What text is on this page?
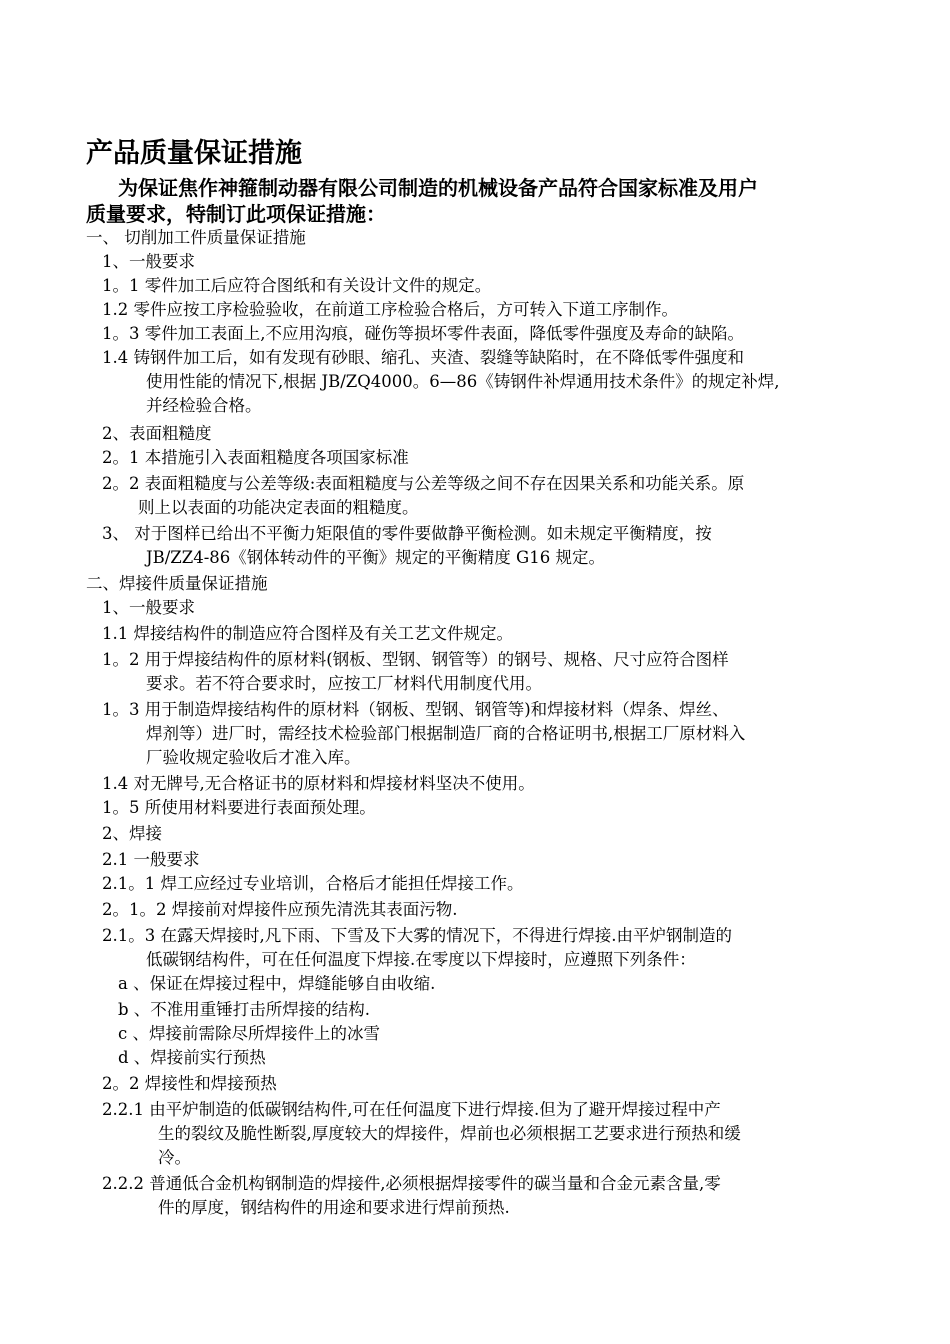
产品质量保证措施
为保证焦作神箍制动器有限公司制造的机械设备产品符合国家标准及用户
质量要求，特制订此项保证措施：
一、 切削加工件质量保证措施
1、一般要求
1。1 零件加工后应符合图纸和有关设计文件的规定。
1.2 零件应按工序检验验收，在前道工序检验合格后，方可转入下道工序制作。
1。3 零件加工表面上,不应用沟痕，碰伤等损坏零件表面，降低零件强度及寿命的缺陷。
1.4 铸钢件加工后，如有发现有砂眼、缩孔、夹渣、裂缝等缺陷时，在不降低零件强度和
使用性能的情况下,根据 JB/ZQ4000。6—86《铸钢件补焊通用技术条件》的规定补焊,
并经检验合格。
2、表面粗糙度
2。1 本措施引入表面粗糙度各项国家标准
2。2 表面粗糙度与公差等级:表面粗糙度与公差等级之间不存在因果关系和功能关系。原
则上以表面的功能决定表面的粗糙度。
3、 对于图样已给出不平衡力矩限值的零件要做静平衡检测。如未规定平衡精度，按
JB/ZZ4-86《钢体转动件的平衡》规定的平衡精度 G16 规定。
二、焊接件质量保证措施
1、一般要求
1.1 焊接结构件的制造应符合图样及有关工艺文件规定。
1。2 用于焊接结构件的原材料(钢板、型钢、钢管等）的钢号、规格、尺寸应符合图样
要求。若不符合要求时，应按工厂材料代用制度代用。
1。3 用于制造焊接结构件的原材料（钢板、型钢、钢管等)和焊接材料（焊条、焊丝、
焊剂等）进厂时，需经技术检验部门根据制造厂商的合格证明书,根据工厂原材料入
厂验收规定验收后才准入库。
1.4 对无牌号,无合格证书的原材料和焊接材料坚决不使用。
1。5 所使用材料要进行表面预处理。
2、焊接
2.1 一般要求
2.1。1 焊工应经过专业培训，合格后才能担任焊接工作。
2。1。2 焊接前对焊接件应预先清洗其表面污物.
2.1。3 在露天焊接时,凡下雨、下雪及下大雾的情况下，不得进行焊接.由平炉钢制造的
低碳钢结构件，可在任何温度下焊接.在零度以下焊接时，应遵照下列条件：
a 、保证在焊接过程中，焊缝能够自由收缩.
b 、不准用重锤打击所焊接的结构.
c 、焊接前需除尽所焊接件上的冰雪
d 、焊接前实行预热
2。2 焊接性和焊接预热
2.2.1 由平炉制造的低碳钢结构件,可在任何温度下进行焊接.但为了避开焊接过程中产
生的裂纹及脆性断裂,厚度较大的焊接件，焊前也必须根据工艺要求进行预热和缓
冷。
2.2.2 普通低合金机构钢制造的焊接件,必须根据焊接零件的碳当量和合金元素含量,零
件的厚度，钢结构件的用途和要求进行焊前预热.
